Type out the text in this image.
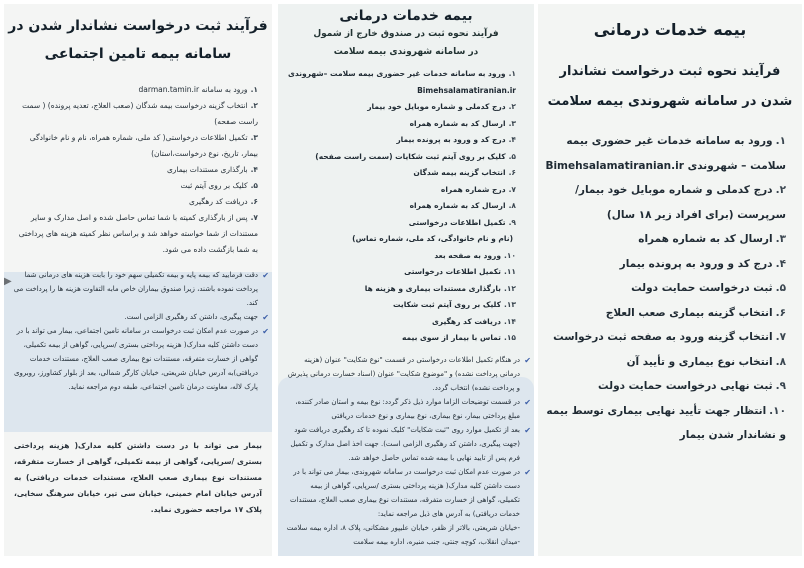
بیمه خدمات درمانی
فرآیند نحوه ثبت درخواست نشاندار شدن در سامانه شهروندی بیمه سلامت
۱.ورود به سامانه خدمات غیر حضوری بیمه سلامت – شهروندی Bimehsalamatiranian.ir
۲.درج کدملی و شماره موبایل خود بیمار/ سرپرست (برای افراد زیر ۱۸ سال)
۳.ارسال کد به شماره همراه
۴.درج کد و ورود به پرونده بیمار
۵.ثبت درخواست حمایت دولت
۶.انتخاب گزینه بیماری صعب العلاج
۷.انتخاب گزینه ورود به صفحه ثبت درخواست
۸.انتخاب نوع بیماری و تأیید آن
۹.ثبت نهایی درخواست حمایت دولت
۱۰.انتظار جهت تأیید نهایی بیماری توسط بیمه و نشاندار شدن بیمار
بیمه خدمات درمانی
فرآیند نحوه ثبت در صندوق خارج از شمول
در سامانه شهروندی بیمه سلامت
۱.ورود به سامانه خدمات غیر حضوری بیمه سلامت –شهروندی Bimehsalamatiranian.ir
۲.درج کدملی و شماره موبایل خود بیمار
۳.ارسال کد به شماره همراه
۴.درج کد و ورود به پرونده بیمار
۵.کلیک بر روی آیتم ثبت شکایات (سمت راست صفحه)
۶.انتخاب گزینه بیمه شدگان
۷.درج شماره همراه
۸.ارسال کد به شماره همراه
۹.تکمیل اطلاعات درخواستی
(نام و نام خانوادگی، کد ملی، شماره تماس)
۱۰.ورود به صفحه بعد
۱۱.تکمیل اطلاعات درخواستی
۱۲.بارگذاری مستندات بیماری و هزینه ها
۱۳.کلیک بر روی آیتم ثبت شکایت
۱۴.دریافت کد رهگیری
۱۵.تماس با بیمار از سوی بیمه
✔
در هنگام تکمیل اطلاعات درخواستی در قسمت "نوع شکایت" عنوان (هزینه درمانی پرداخت نشده) و "موضوع شکایت" عنوان (اسناد خسارت درمانی پذیرش و پرداخت نشده) انتخاب گردد.
✔
در قسمت توضیحات الزاما موارد ذیل ذکر گردد: نوع بیمه و استان صادر کننده، مبلغ پرداختی بیمار، نوع بیماری، نوع بیماری و نوع خدمات دریافتی
✔
بعد از تکمیل موارد روی "ثبت شکایات" کلیک نموده تا کد رهگیری دریافت شود (جهت پیگیری، داشتن کد رهگیری الزامی است). جهت اخذ اصل مدارک و تکمیل فرم پس از تایید نهایی با بیمه شده تماس حاصل خواهد شد.
✔
در صورت عدم امکان ثبت درخواست در سامانه شهروندی، بیمار می تواند با در دست داشتن کلیه مدارک( هزینه پرداختی بستری /سرپایی، گواهی از بیمه تکمیلی، گواهی از خسارت متفرقه، مستندات نوع بیماری صعب العلاج، مستندات خدمات دریافتی) به آدرس های ذیل مراجعه نماید:
-خیابان شریعتی، بالاتر از ظفر، خیابان علیپور مشکانی، پلاک ۸، اداره بیمه سلامت
-میدان انقلاب، کوچه جنتی، جنب منیره، اداره بیمه سلامت
▶
فرآیند ثبت درخواست نشاندار شدن در سامانه بیمه تامین اجتماعی
۱.ورود به سامانه darman.tamin.ir
۲.انتخاب گزینه درخواست بیمه شدگان (صعب العلاج، تعدیه پرونده) ( سمت راست صفحه)
۳.تکمیل اطلاعات درخواستی( کد ملی، شماره همراه، نام و نام خانوادگی بیمار، تاریخ، نوع درخواست،استان)
۴.بارگذاری مستندات بیماری
۵.کلیک بر روی آیتم ثبت
۶.دریافت کد رهگیری
۷.پس از بارگذاری کمیته با شما تماس حاصل شده و اصل مدارک و سایر مستندات از شما خواسته خواهد شد و براساس نظر کمیته هزینه های پرداختی به شما بازگشت داده می شود.
✔
دقت فرمایید که بیمه پایه و بیمه تکمیلی سهم خود را بابت هزینه های درمانی شما پرداخت نموده باشند، زیرا صندوق بیماران خاص مابه التفاوت هزینه ها را پرداخت می کند.
✔
جهت پیگیری، داشتن کد رهگیری الزامی است.
✔
در صورت عدم امکان ثبت درخواست در سامانه تامین اجتماعی، بیمار می تواند با در دست داشتن کلیه مدارک( هزینه پرداختی بستری /سرپایی، گواهی از بیمه تکمیلی، گواهی از خسارت متفرقه، مستندات نوع بیماری صعب العلاج، مستندات خدمات دریافتی)به آدرس خیابان شریعتی، خیابان کارگر شمالی، بعد از بلوار کشاورز، روبروی پارک لاله، معاونت درمان تامین اجتماعی، طبقه دوم مراجعه نماید.

بیمار می تواند با در دست داشتن کلیه مدارک( هزینه پرداختی بستری /سرپایی، گواهی از بیمه تکمیلی، گواهی از خسارت متفرقه، مستندات نوع بیماری صعب العلاج، مستندات خدمات دریافتی) به آدرس خیابان امام خمینی، خیابان سی تیر، خیابان سرهنگ سخایی، پلاک ۱۷ مراجعه حضوری نماید.
